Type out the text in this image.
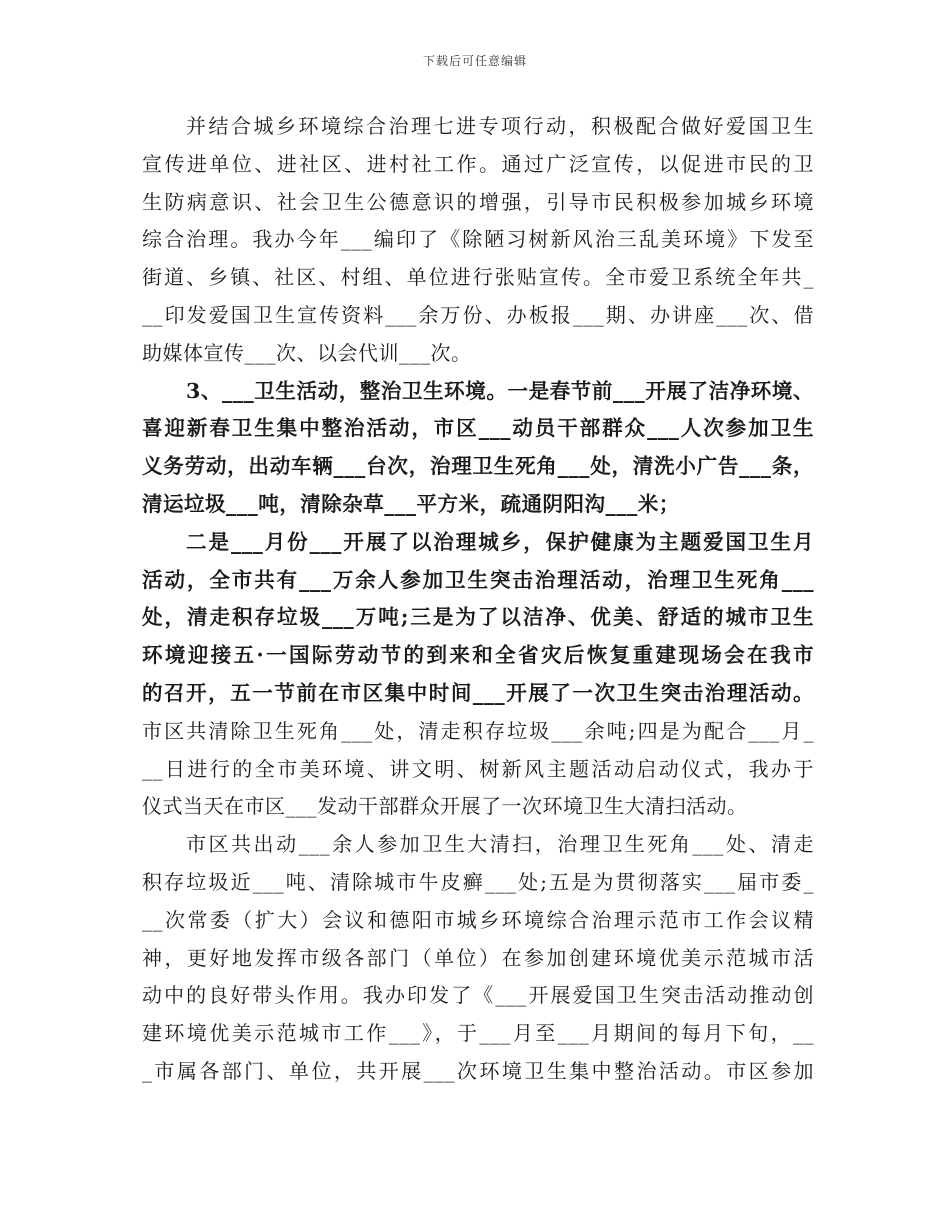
下载后可任意编辑
并结合城乡环境综合治理七进专项行动，积极配合做好爱国卫生
宣传进单位、进社区、进村社工作。通过广泛宣传，以促进市民的卫
生防病意识、社会卫生公德意识的增强，引导市民积极参加城乡环境
综合治理。我办今年___编印了《除陋习树新风治三乱美环境》下发至
街道、乡镇、社区、村组、单位进行张贴宣传。全市爱卫系统全年共_
__印发爱国卫生宣传资料___余万份、办板报___期、办讲座___次、借
助媒体宣传___次、以会代训___次。
3、___卫生活动，整治卫生环境。一是春节前___开展了洁净环境、
喜迎新春卫生集中整治活动，市区___动员干部群众___人次参加卫生
义务劳动，出动车辆___台次，治理卫生死角___处，清洗小广告___条，
清运垃圾___吨，清除杂草___平方米，疏通阴阳沟___米；
二是___月份___开展了以治理城乡，保护健康为主题爱国卫生月
活动，全市共有___万余人参加卫生突击治理活动，治理卫生死角___
处，清走积存垃圾___万吨;三是为了以洁净、优美、舒适的城市卫生
环境迎接五·一国际劳动节的到来和全省灾后恢复重建现场会在我市
的召开，五一节前在市区集中时间___开展了一次卫生突击治理活动。
市区共清除卫生死角___处，清走积存垃圾___余吨;四是为配合___月_
__日进行的全市美环境、讲文明、树新风主题活动启动仪式，我办于
仪式当天在市区___发动干部群众开展了一次环境卫生大清扫活动。
市区共出动___余人参加卫生大清扫，治理卫生死角___处、清走
积存垃圾近___吨、清除城市牛皮癣___处;五是为贯彻落实___届市委_
__次常委（扩大）会议和德阳市城乡环境综合治理示范市工作会议精
神，更好地发挥市级各部门（单位）在参加创建环境优美示范城市活
动中的良好带头作用。我办印发了《___开展爱国卫生突击活动推动创
建环境优美示范城市工作___》，于___月至___月期间的每月下旬，__
_市属各部门、单位，共开展___次环境卫生集中整治活动。市区参加
